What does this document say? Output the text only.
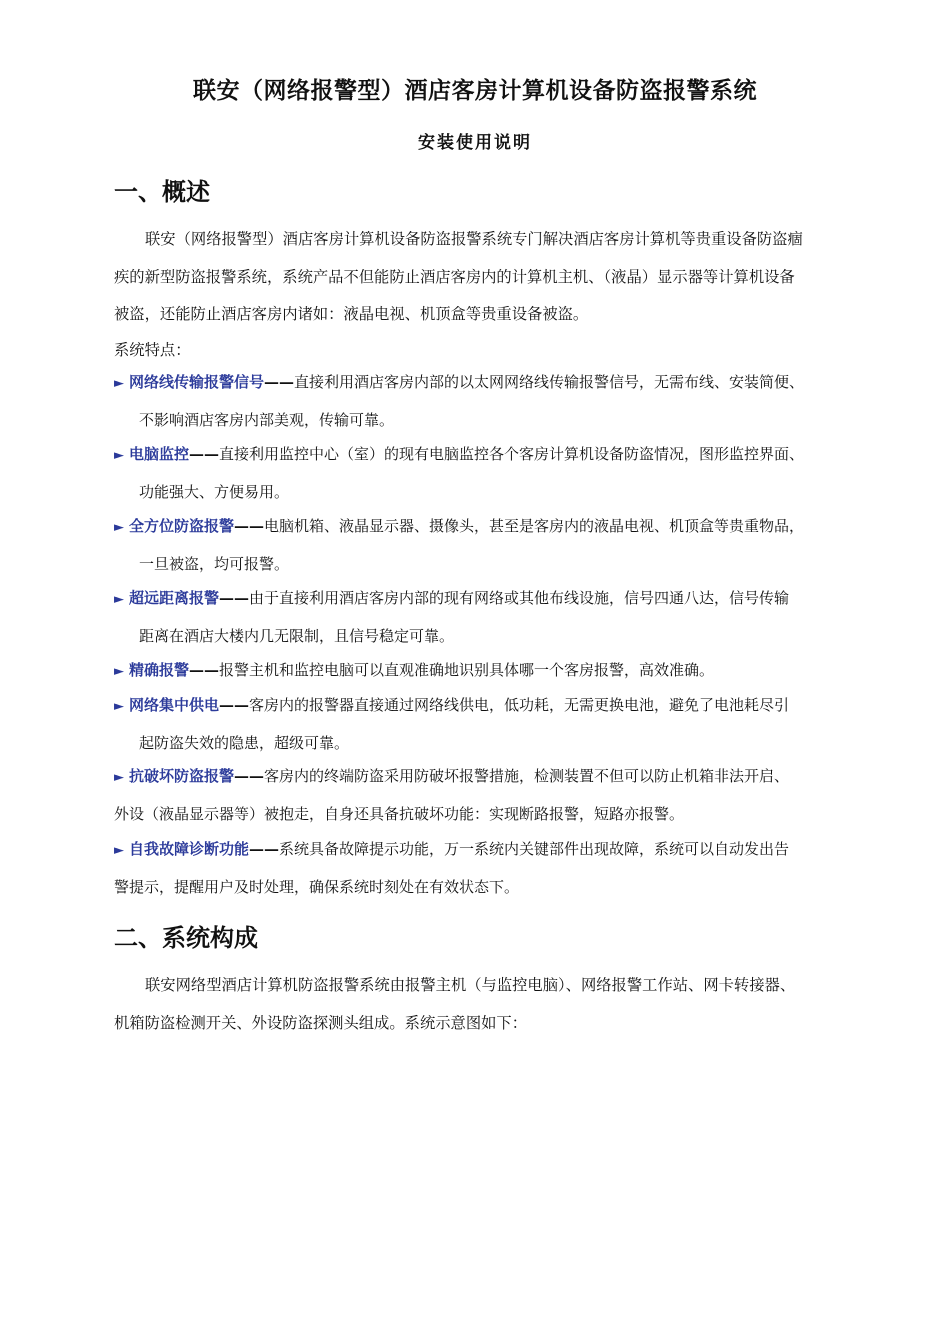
联安（网络报警型）酒店客房计算机设备防盗报警系统
安装使用说明
一、概述
联安（网络报警型）酒店客房计算机设备防盗报警系统专门解决酒店客房计算机等贵重设备防盗痼
疾的新型防盗报警系统，系统产品不但能防止酒店客房内的计算机主机、（液晶）显示器等计算机设备
被盗，还能防止酒店客房内诸如：液晶电视、机顶盒等贵重设备被盗。
系统特点：
► 网络线传输报警信号——直接利用酒店客房内部的以太网网络线传输报警信号，无需布线、安装简便、
不影响酒店客房内部美观，传输可靠。
► 电脑监控——直接利用监控中心（室）的现有电脑监控各个客房计算机设备防盗情况，图形监控界面、
功能强大、方便易用。
► 全方位防盗报警——电脑机箱、液晶显示器、摄像头，甚至是客房内的液晶电视、机顶盒等贵重物品，
一旦被盗，均可报警。
► 超远距离报警——由于直接利用酒店客房内部的现有网络或其他布线设施，信号四通八达，信号传输
距离在酒店大楼内几无限制，且信号稳定可靠。
► 精确报警——报警主机和监控电脑可以直观准确地识别具体哪一个客房报警，高效准确。
► 网络集中供电——客房内的报警器直接通过网络线供电，低功耗，无需更换电池，避免了电池耗尽引
起防盗失效的隐患，超级可靠。
► 抗破坏防盗报警——客房内的终端防盗采用防破坏报警措施，检测装置不但可以防止机箱非法开启、
外设（液晶显示器等）被抱走，自身还具备抗破坏功能：实现断路报警，短路亦报警。
► 自我故障诊断功能——系统具备故障提示功能，万一系统内关键部件出现故障，系统可以自动发出告
警提示，提醒用户及时处理，确保系统时刻处在有效状态下。
二、系统构成
联安网络型酒店计算机防盗报警系统由报警主机（与监控电脑）、网络报警工作站、网卡转接器、
机箱防盗检测开关、外设防盗探测头组成。系统示意图如下：
